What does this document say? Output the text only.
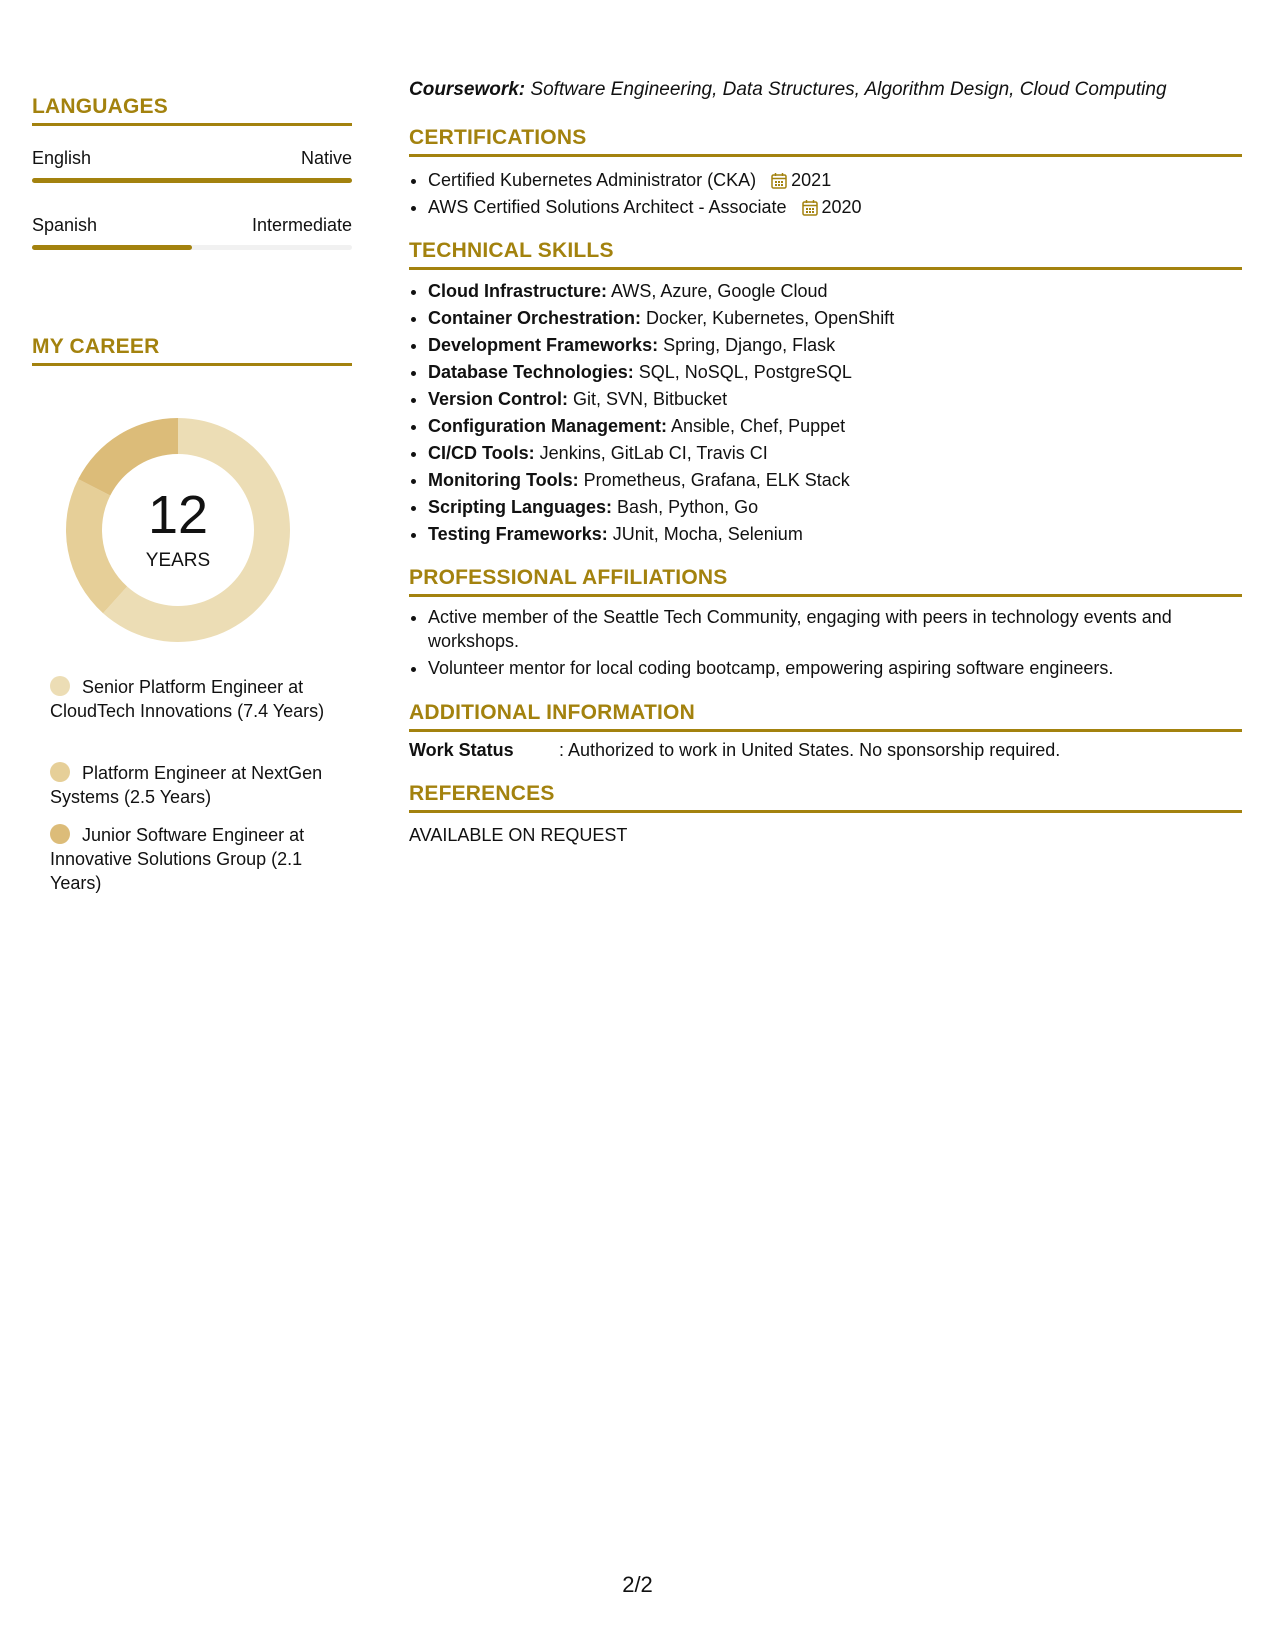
LANGUAGES
English	Native
Spanish	Intermediate
MY CAREER
12
YEARS
Senior Platform Engineer at CloudTech Innovations (7.4 Years)
Platform Engineer at NextGen Systems (2.5 Years)
Junior Software Engineer at Innovative Solutions Group (2.1 Years)
Coursework: Software Engineering, Data Structures, Algorithm Design, Cloud Computing
CERTIFICATIONS
• Certified Kubernetes Administrator (CKA) 2021
• AWS Certified Solutions Architect - Associate 2020
TECHNICAL SKILLS
• Cloud Infrastructure: AWS, Azure, Google Cloud
• Container Orchestration: Docker, Kubernetes, OpenShift
• Development Frameworks: Spring, Django, Flask
• Database Technologies: SQL, NoSQL, PostgreSQL
• Version Control: Git, SVN, Bitbucket
• Configuration Management: Ansible, Chef, Puppet
• CI/CD Tools: Jenkins, GitLab CI, Travis CI
• Monitoring Tools: Prometheus, Grafana, ELK Stack
• Scripting Languages: Bash, Python, Go
• Testing Frameworks: JUnit, Mocha, Selenium
PROFESSIONAL AFFILIATIONS
• Active member of the Seattle Tech Community, engaging with peers in technology events and workshops.
• Volunteer mentor for local coding bootcamp, empowering aspiring software engineers.
ADDITIONAL INFORMATION
Work Status	: Authorized to work in United States. No sponsorship required.
REFERENCES
AVAILABLE ON REQUEST
2/2
